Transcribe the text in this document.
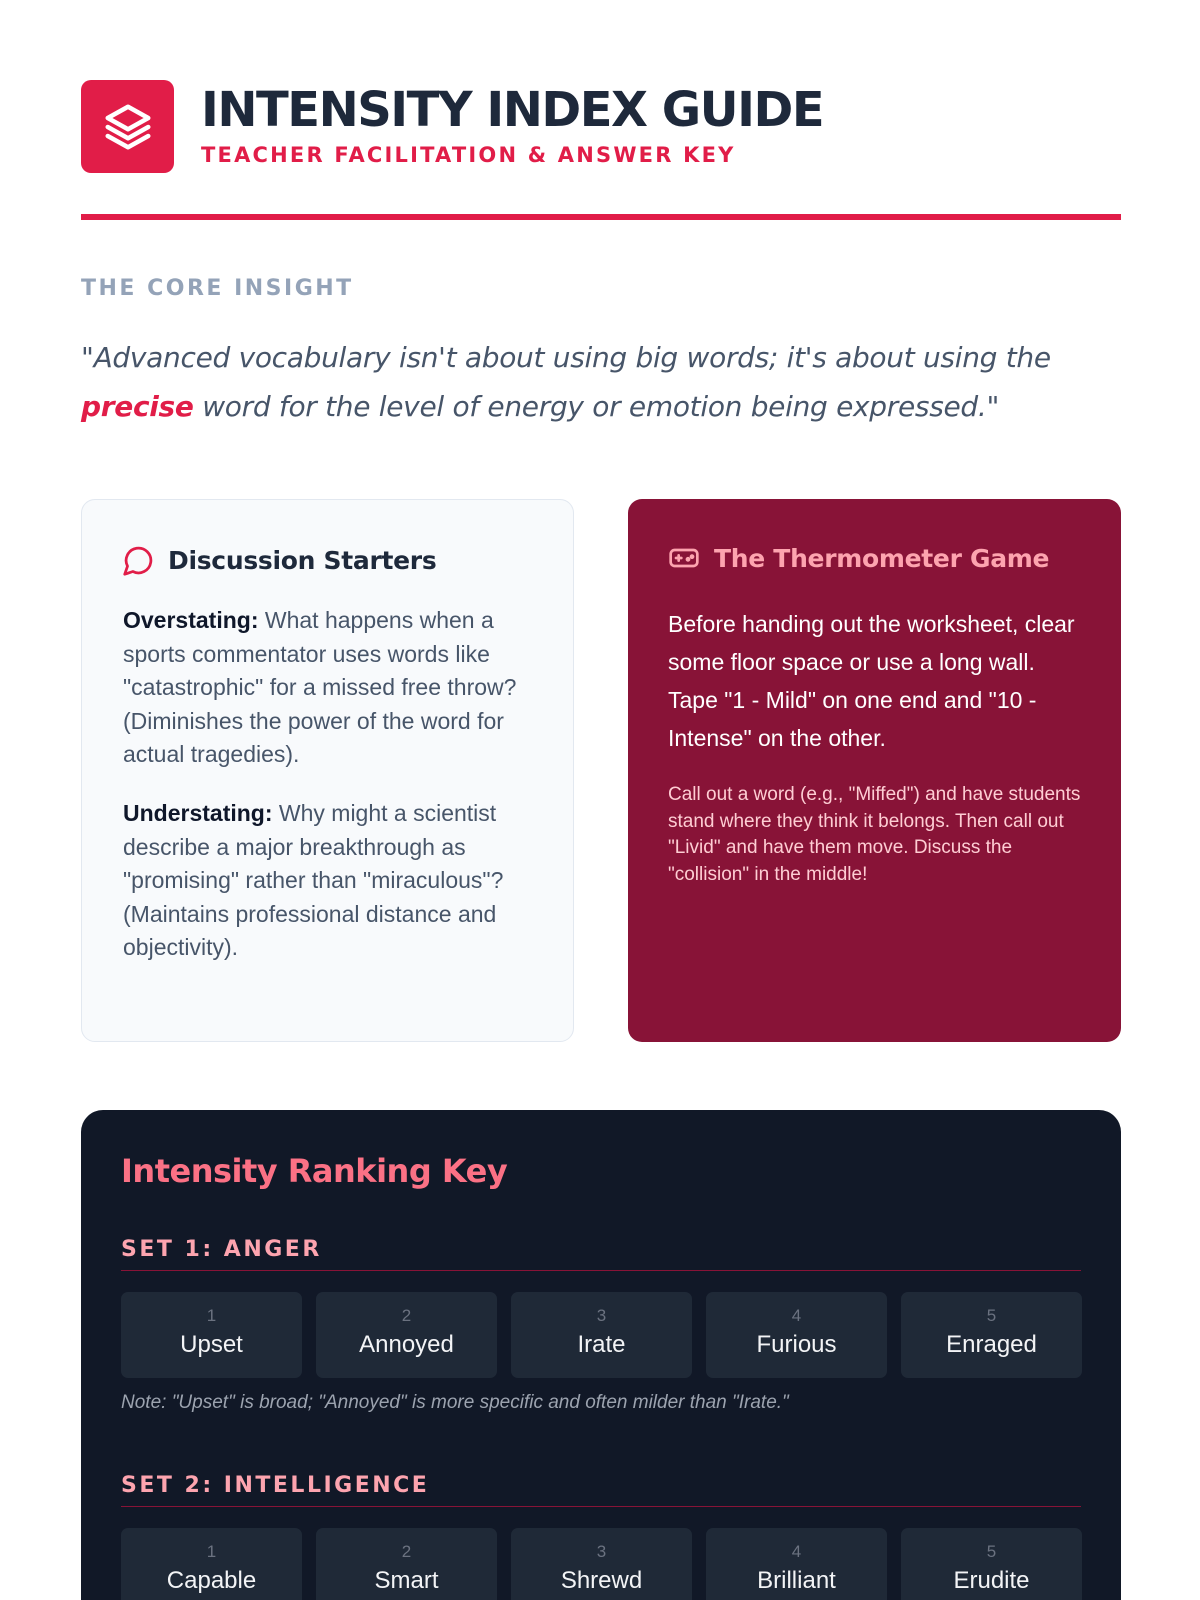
INTENSITY INDEX GUIDE
TEACHER FACILITATION & ANSWER KEY
THE CORE INSIGHT

"Advanced vocabulary isn't about using big words; it's about using the precise word for the level of energy or emotion being expressed."

Discussion Starters

Overstating: What happens when a sports commentator uses words like "catastrophic" for a missed free throw? (Diminishes the power of the word for actual tragedies).

Understating: Why might a scientist describe a major breakthrough as "promising" rather than "miraculous"? (Maintains professional distance and objectivity).

The Thermometer Game

Before handing out the worksheet, clear some floor space or use a long wall. Tape "1 - Mild" on one end and "10 - Intense" on the other.

Call out a word (e.g., "Miffed") and have students stand where they think it belongs. Then call out "Livid" and have them move. Discuss the "collision" in the middle!

Intensity Ranking Key
SET 1: ANGER
1
Upset
2
Annoyed
3
Irate
4
Furious
5
Enraged
Note: "Upset" is broad; "Annoyed" is more specific and often milder than "Irate."
SET 2: INTELLIGENCE
1
Capable
2
Smart
3
Shrewd
4
Brilliant
5
Erudite
